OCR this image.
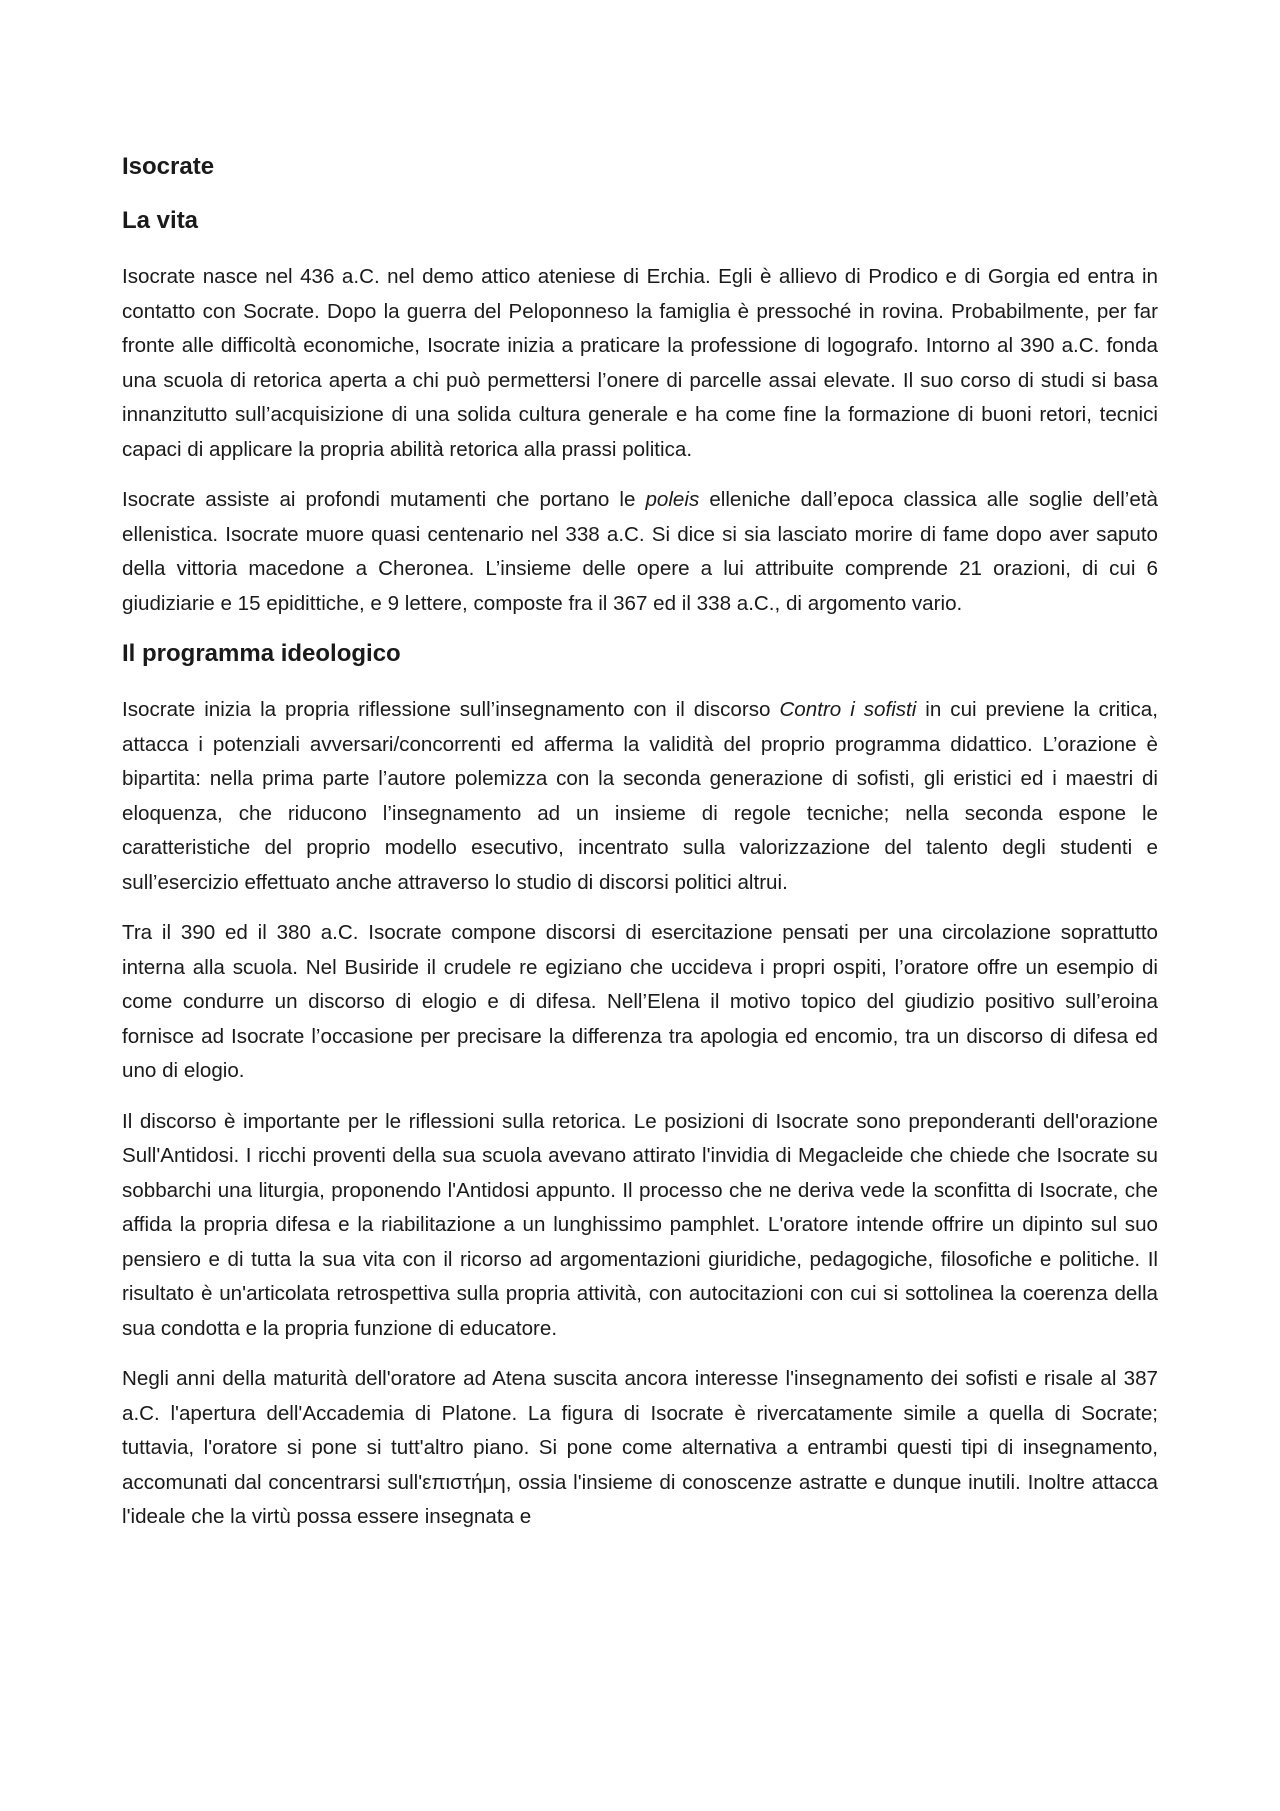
Isocrate
La vita

Isocrate nasce nel 436 a.C. nel demo attico ateniese di Erchia. Egli è allievo di Prodico e di Gorgia ed entra in contatto con Socrate. Dopo la guerra del Peloponneso la famiglia è pressoché in rovina. Probabilmente, per far fronte alle difficoltà economiche, Isocrate inizia a praticare la professione di logografo. Intorno al 390 a.C. fonda una scuola di retorica aperta a chi può permettersi l’onere di parcelle assai elevate. Il suo corso di studi si basa innanzitutto sull’acquisizione di una solida cultura generale e ha come fine la formazione di buoni retori, tecnici capaci di applicare la propria abilità retorica alla prassi politica.

Isocrate assiste ai profondi mutamenti che portano le poleis elleniche dall’epoca classica alle soglie dell’età ellenistica. Isocrate muore quasi centenario nel 338 a.C. Si dice si sia lasciato morire di fame dopo aver saputo della vittoria macedone a Cheronea. L’insieme delle opere a lui attribuite comprende 21 orazioni, di cui 6 giudiziarie e 15 epidittiche, e 9 lettere, composte fra il 367 ed il 338 a.C., di argomento vario.

Il programma ideologico

Isocrate inizia la propria riflessione sull’insegnamento con il discorso Contro i sofisti in cui previene la critica, attacca i potenziali avversari/concorrenti ed afferma la validità del proprio programma didattico. L’orazione è bipartita: nella prima parte l’autore polemizza con la seconda generazione di sofisti, gli eristici ed i maestri di eloquenza, che riducono l’insegnamento ad un insieme di regole tecniche; nella seconda espone le caratteristiche del proprio modello esecutivo, incentrato sulla valorizzazione del talento degli studenti e sull’esercizio effettuato anche attraverso lo studio di discorsi politici altrui.

Tra il 390 ed il 380 a.C. Isocrate compone discorsi di esercitazione pensati per una circolazione soprattutto interna alla scuola. Nel Busiride il crudele re egiziano che uccideva i propri ospiti, l’oratore offre un esempio di come condurre un discorso di elogio e di difesa. Nell’Elena il motivo topico del giudizio positivo sull’eroina fornisce ad Isocrate l’occasione per precisare la differenza tra apologia ed encomio, tra un discorso di difesa ed uno di elogio.

Il discorso è importante per le riflessioni sulla retorica. Le posizioni di Isocrate sono preponderanti dell'orazione Sull'Antidosi. I ricchi proventi della sua scuola avevano attirato l'invidia di Megacleide che chiede che Isocrate su sobbarchi una liturgia, proponendo l'Antidosi appunto. Il processo che ne deriva vede la sconfitta di Isocrate, che affida la propria difesa e la riabilitazione a un lunghissimo pamphlet. L'oratore intende offrire un dipinto sul suo pensiero e di tutta la sua vita con il ricorso ad argomentazioni giuridiche, pedagogiche, filosofiche e politiche. Il risultato è un'articolata retrospettiva sulla propria attività, con autocitazioni con cui si sottolinea la coerenza della sua condotta e la propria funzione di educatore.

Negli anni della maturità dell'oratore ad Atena suscita ancora interesse l'insegnamento dei sofisti e risale al 387 a.C. l'apertura dell'Accademia di Platone. La figura di Isocrate è rivercatamente simile a quella di Socrate; tuttavia, l'oratore si pone si tutt'altro piano. Si pone come alternativa a entrambi questi tipi di insegnamento, accomunati dal concentrarsi sull'επιστήμη, ossia l'insieme di conoscenze astratte e dunque inutili. Inoltre attacca l'ideale che la virtù possa essere insegnata e
